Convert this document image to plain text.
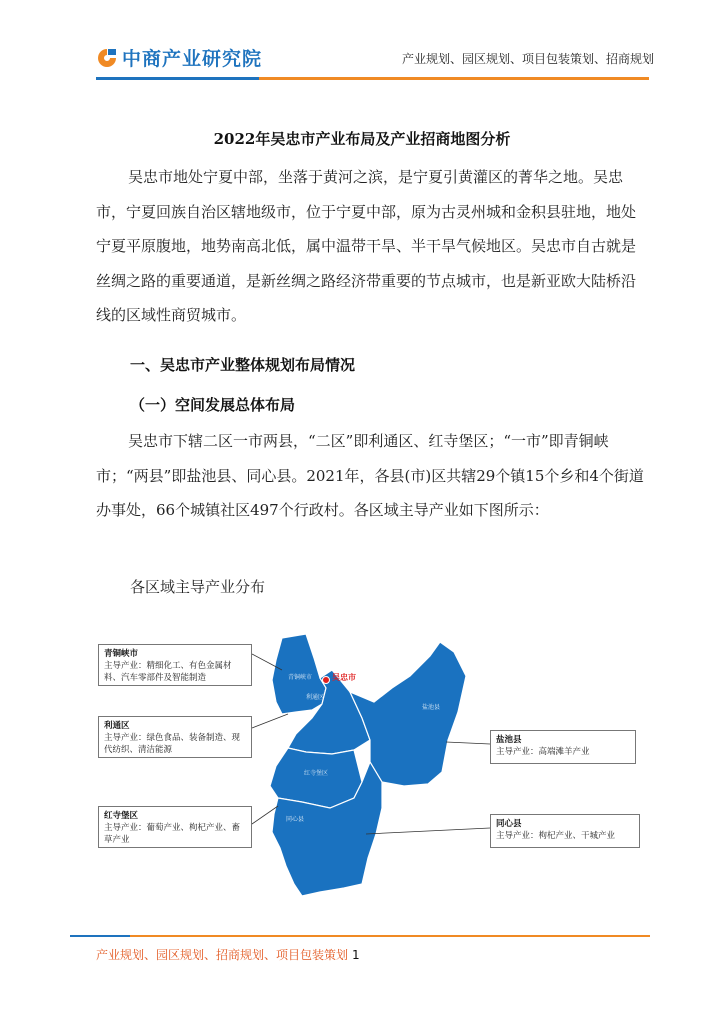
中商产业研究院	产业规划、园区规划、项目包装策划、招商规划
2022年吴忠市产业布局及产业招商地图分析
吴忠市地处宁夏中部，坐落于黄河之滨，是宁夏引黄灌区的菁华之地。吴忠市，宁夏回族自治区辖地级市，位于宁夏中部，原为古灵州城和金积县驻地，地处宁夏平原腹地，地势南高北低，属中温带干旱、半干旱气候地区。吴忠市自古就是丝绸之路的重要通道，是新丝绸之路经济带重要的节点城市，也是新亚欧大陆桥沿线的区域性商贸城市。
一、吴忠市产业整体规划布局情况
（一）空间发展总体布局
吴忠市下辖二区一市两县，“二区”即利通区、红寺堡区；“一市”即青铜峡市；“两县”即盐池县、同心县。2021年，各县(市)区共辖29个镇15个乡和4个街道办事处，66个城镇社区497个行政村。各区域主导产业如下图所示：
各区域主导产业分布
青铜峡市
利通区
盐池县
红寺堡区
同心县
吴忠市
青铜峡市
主导产业：精细化工、有色金属材料、汽车零部件及智能制造
利通区
主导产业：绿色食品、装备制造、现代纺织、清洁能源
红寺堡区
主导产业：葡萄产业、枸杞产业、畜草产业
盐池县
主导产业：高端滩羊产业
同心县
主导产业：枸杞产业、干城产业
产业规划、园区规划、招商规划、项目包装策划 1
